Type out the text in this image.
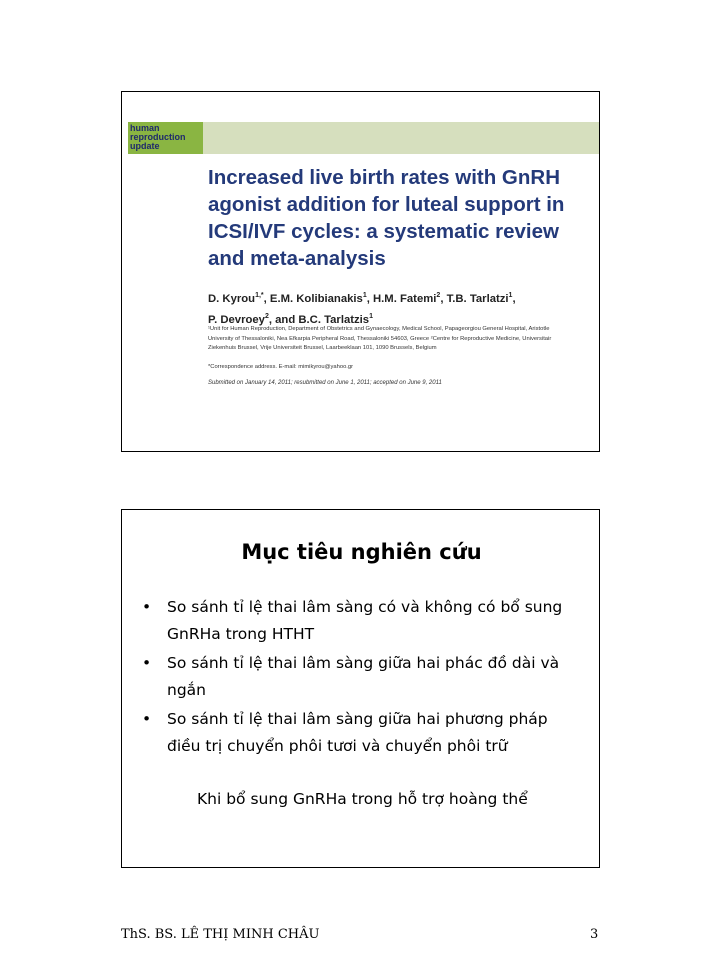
human
reproduction
update
Increased live birth rates with GnRH agonist addition for luteal support in ICSI/IVF cycles: a systematic review and meta-analysis
D. Kyrou$^{1,*}$, E.M. Kolibianakis$^1$, H.M. Fatemi$^2$, T.B. Tarlatzi$^1$,
P. Devroey$^2$, and B.C. Tarlatzis$^1$
¹Unit for Human Reproduction, Department of Obstetrics and Gynaecology, Medical School, Papageorgiou General Hospital, Aristotle
University of Thessaloniki, Nea Efkarpia Peripheral Road, Thessaloniki 54603, Greece ²Centre for Reproductive Medicine, Universitair
Ziekenhuis Brussel, Vrije Universiteit Brussel, Laarbeeklaan 101, 1090 Brussels, Belgium
*Correspondence address. E-mail: mimikyrou@yahoo.gr
Submitted on January 14, 2011; resubmitted on June 1, 2011; accepted on June 9, 2011
Mục tiêu nghiên cứu
• So sánh tỉ lệ thai lâm sàng có và không có bổ sung GnRHa trong HTHT
• So sánh tỉ lệ thai lâm sàng giữa hai phác đồ dài và ngắn
• So sánh tỉ lệ thai lâm sàng giữa hai phương pháp điều trị chuyển phôi tươi và chuyển phôi trữ
Khi bổ sung GnRHa trong hỗ trợ hoàng thể
ThS. BS. LÊ THỊ MINH CHÂU	3
